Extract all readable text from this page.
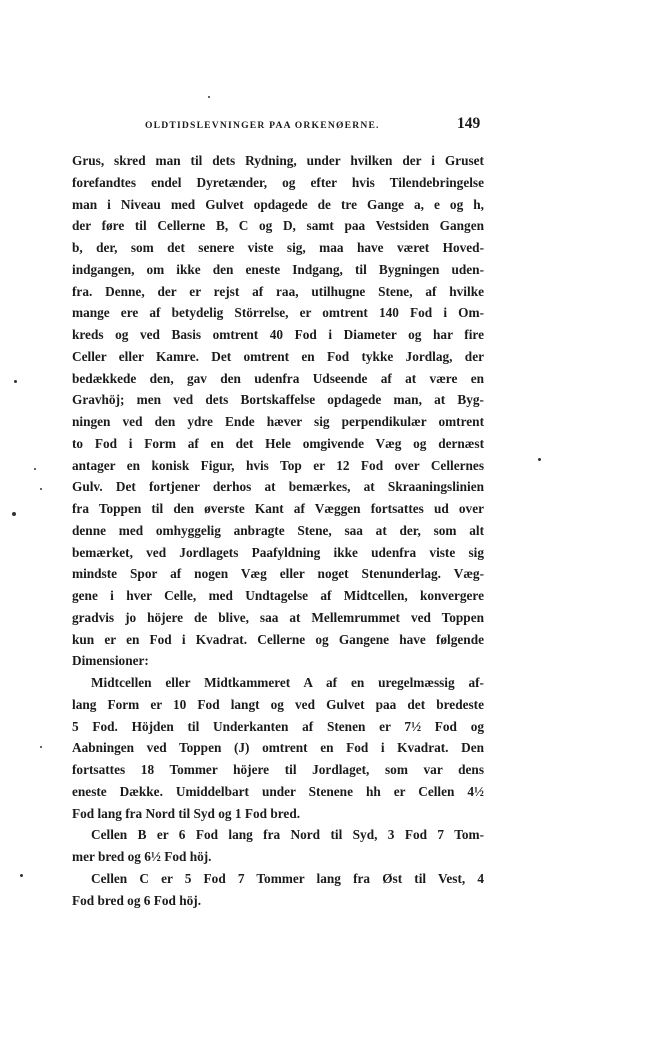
OLDTIDSLEVNINGER PAA ORKENØERNE.	149
Grus, skred man til dets Rydning, under hvilken der i Gruset
forefandtes endel Dyretænder, og efter hvis Tilendebringelse
man i Niveau med Gulvet opdagede de tre Gange a, e og h,
der føre til Cellerne B, C og D, samt paa Vestsiden Gangen
b, der, som det senere viste sig, maa have været Hoved-
indgangen, om ikke den eneste Indgang, til Bygningen uden-
fra. Denne, der er rejst af raa, utilhugne Stene, af hvilke
mange ere af betydelig Störrelse, er omtrent 140 Fod i Om-
kreds og ved Basis omtrent 40 Fod i Diameter og har fire
Celler eller Kamre. Det omtrent en Fod tykke Jordlag, der
bedækkede den, gav den udenfra Udseende af at være en
Gravhöj; men ved dets Bortskaffelse opdagede man, at Byg-
ningen ved den ydre Ende hæver sig perpendikulær omtrent
to Fod i Form af en det Hele omgivende Væg og dernæst
antager en konisk Figur, hvis Top er 12 Fod over Cellernes
Gulv. Det fortjener derhos at bemærkes, at Skraaningslinien
fra Toppen til den øverste Kant af Væggen fortsattes ud over
denne med omhyggelig anbragte Stene, saa at der, som alt
bemærket, ved Jordlagets Paafyldning ikke udenfra viste sig
mindste Spor af nogen Væg eller noget Stenunderlag. Væg-
gene i hver Celle, med Undtagelse af Midtcellen, konvergere
gradvis jo höjere de blive, saa at Mellemrummet ved Toppen
kun er en Fod i Kvadrat. Cellerne og Gangene have følgende
Dimensioner:
Midtcellen eller Midtkammeret A af en uregelmæssig af-
lang Form er 10 Fod langt og ved Gulvet paa det bredeste
5 Fod. Höjden til Underkanten af Stenen er 7½ Fod og
Aabningen ved Toppen (J) omtrent en Fod i Kvadrat. Den
fortsattes 18 Tommer höjere til Jordlaget, som var dens
eneste Dække. Umiddelbart under Stenene hh er Cellen 4½
Fod lang fra Nord til Syd og 1 Fod bred.
Cellen B er 6 Fod lang fra Nord til Syd, 3 Fod 7 Tom-
mer bred og 6½ Fod höj.
Cellen C er 5 Fod 7 Tommer lang fra Øst til Vest, 4
Fod bred og 6 Fod höj.
